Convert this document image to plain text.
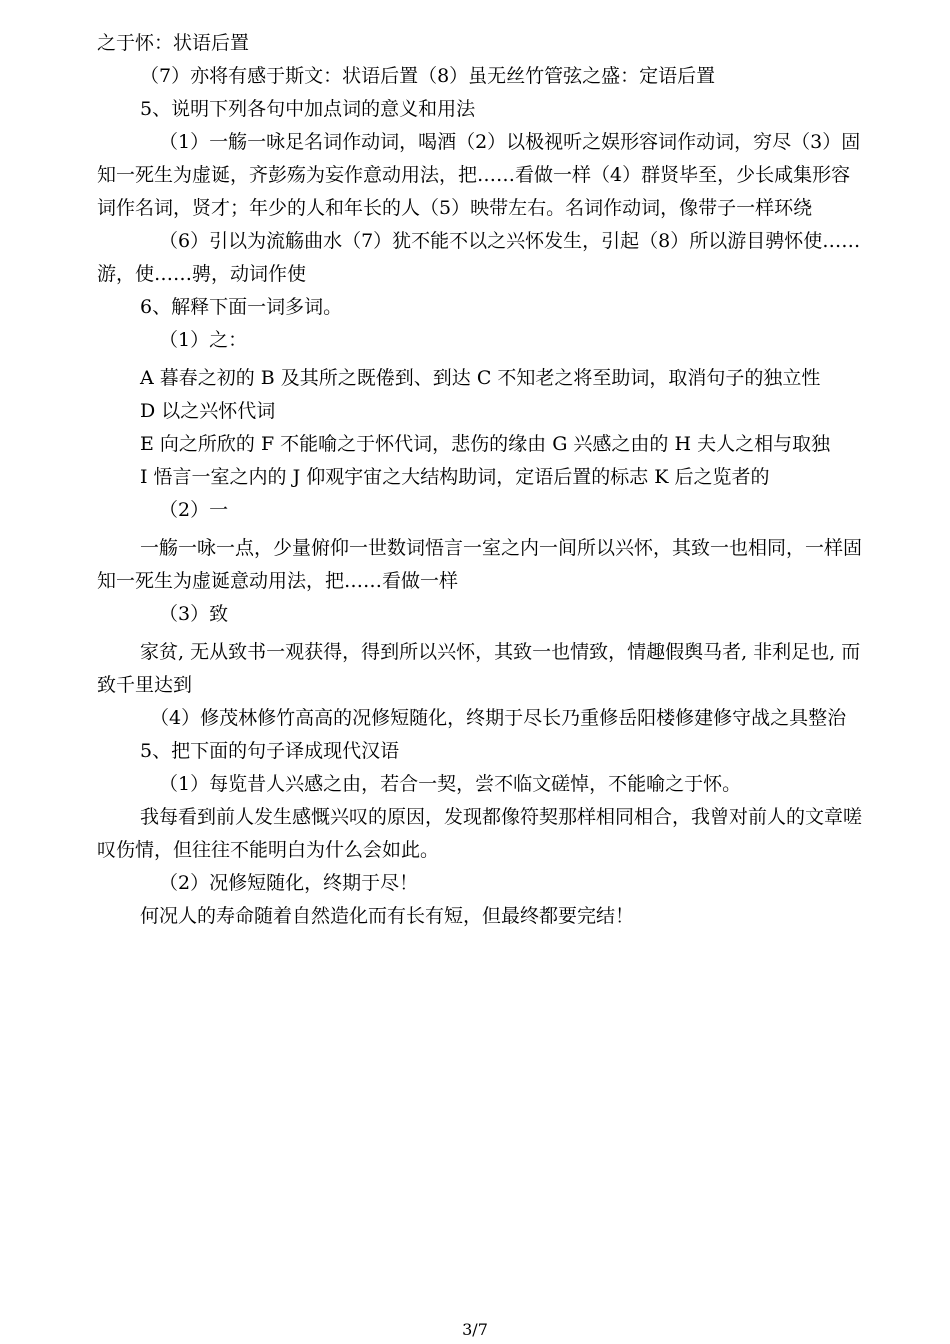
之于怀：状语后置

（7）亦将有感于斯文：状语后置（8）虽无丝竹管弦之盛：定语后置

5、说明下列各句中加点词的意义和用法

（1）一觞一咏足名词作动词，喝酒（2）以极视听之娱形容词作动词，穷尽（3）固知一死生为虚诞，齐彭殇为妄作意动用法，把……看做一样（4）群贤毕至，少长咸集形容词作名词，贤才；年少的人和年长的人（5）映带左右。名词作动词，像带子一样环绕

（6）引以为流觞曲水（7）犹不能不以之兴怀发生，引起（8）所以游目骋怀使……游，使……骋，动词作使

6、解释下面一词多词。

（1）之：

A 暮春之初的 B 及其所之既倦到、到达 C 不知老之将至助词，取消句子的独立性

D 以之兴怀代词

E 向之所欣的 F 不能喻之于怀代词，悲伤的缘由 G 兴感之由的 H 夫人之相与取独

I 悟言一室之内的 J 仰观宇宙之大结构助词，定语后置的标志 K 后之览者的

（2）一

一觞一咏一点，少量俯仰一世数词悟言一室之内一间所以兴怀，其致一也相同，一样固知一死生为虚诞意动用法，把……看做一样

（3）致

家贫, 无从致书一观获得，得到所以兴怀，其致一也情致，情趣假舆马者, 非利足也, 而致千里达到

（4）修茂林修竹高高的况修短随化，终期于尽长乃重修岳阳楼修建修守战之具整治

5、把下面的句子译成现代汉语

（1）每览昔人兴感之由，若合一契，尝不临文磋悼，不能喻之于怀。

我每看到前人发生感慨兴叹的原因，发现都像符契那样相同相合，我曾对前人的文章嗟叹伤情，但往往不能明白为什么会如此。

（2）况修短随化，终期于尽！

何况人的寿命随着自然造化而有长有短，但最终都要完结！

3/7
